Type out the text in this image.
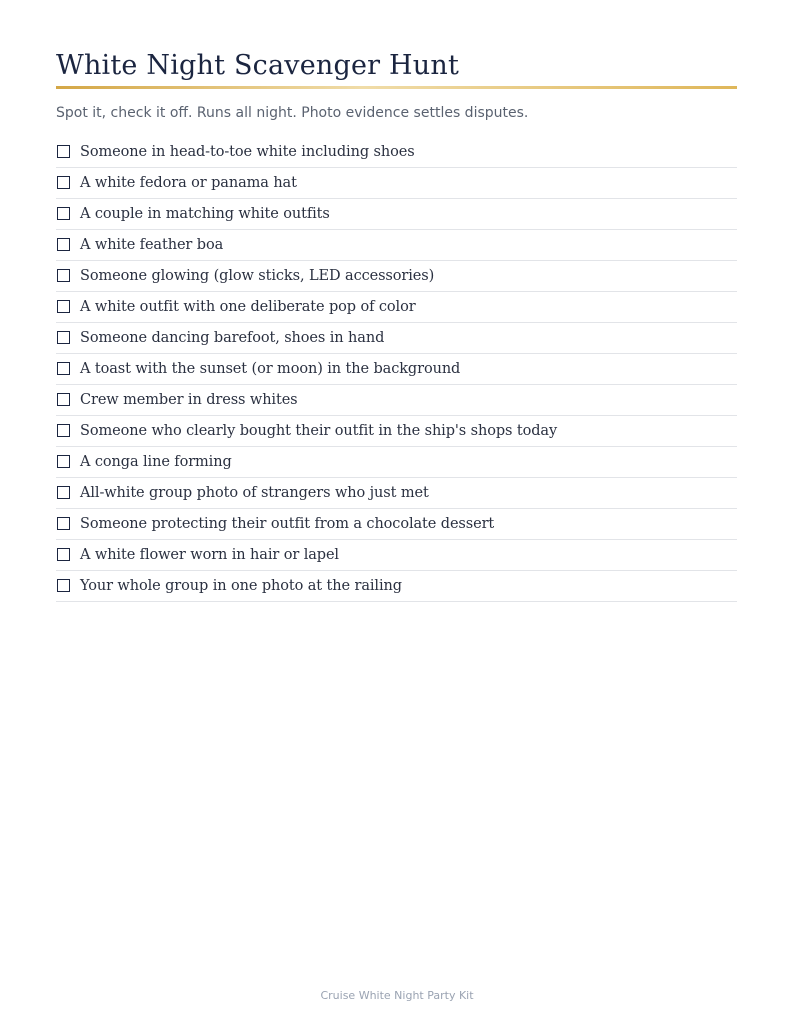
White Night Scavenger Hunt
Spot it, check it off. Runs all night. Photo evidence settles disputes.
Someone in head-to-toe white including shoes
A white fedora or panama hat
A couple in matching white outfits
A white feather boa
Someone glowing (glow sticks, LED accessories)
A white outfit with one deliberate pop of color
Someone dancing barefoot, shoes in hand
A toast with the sunset (or moon) in the background
Crew member in dress whites
Someone who clearly bought their outfit in the ship's shops today
A conga line forming
All-white group photo of strangers who just met
Someone protecting their outfit from a chocolate dessert
A white flower worn in hair or lapel
Your whole group in one photo at the railing
Cruise White Night Party Kit
